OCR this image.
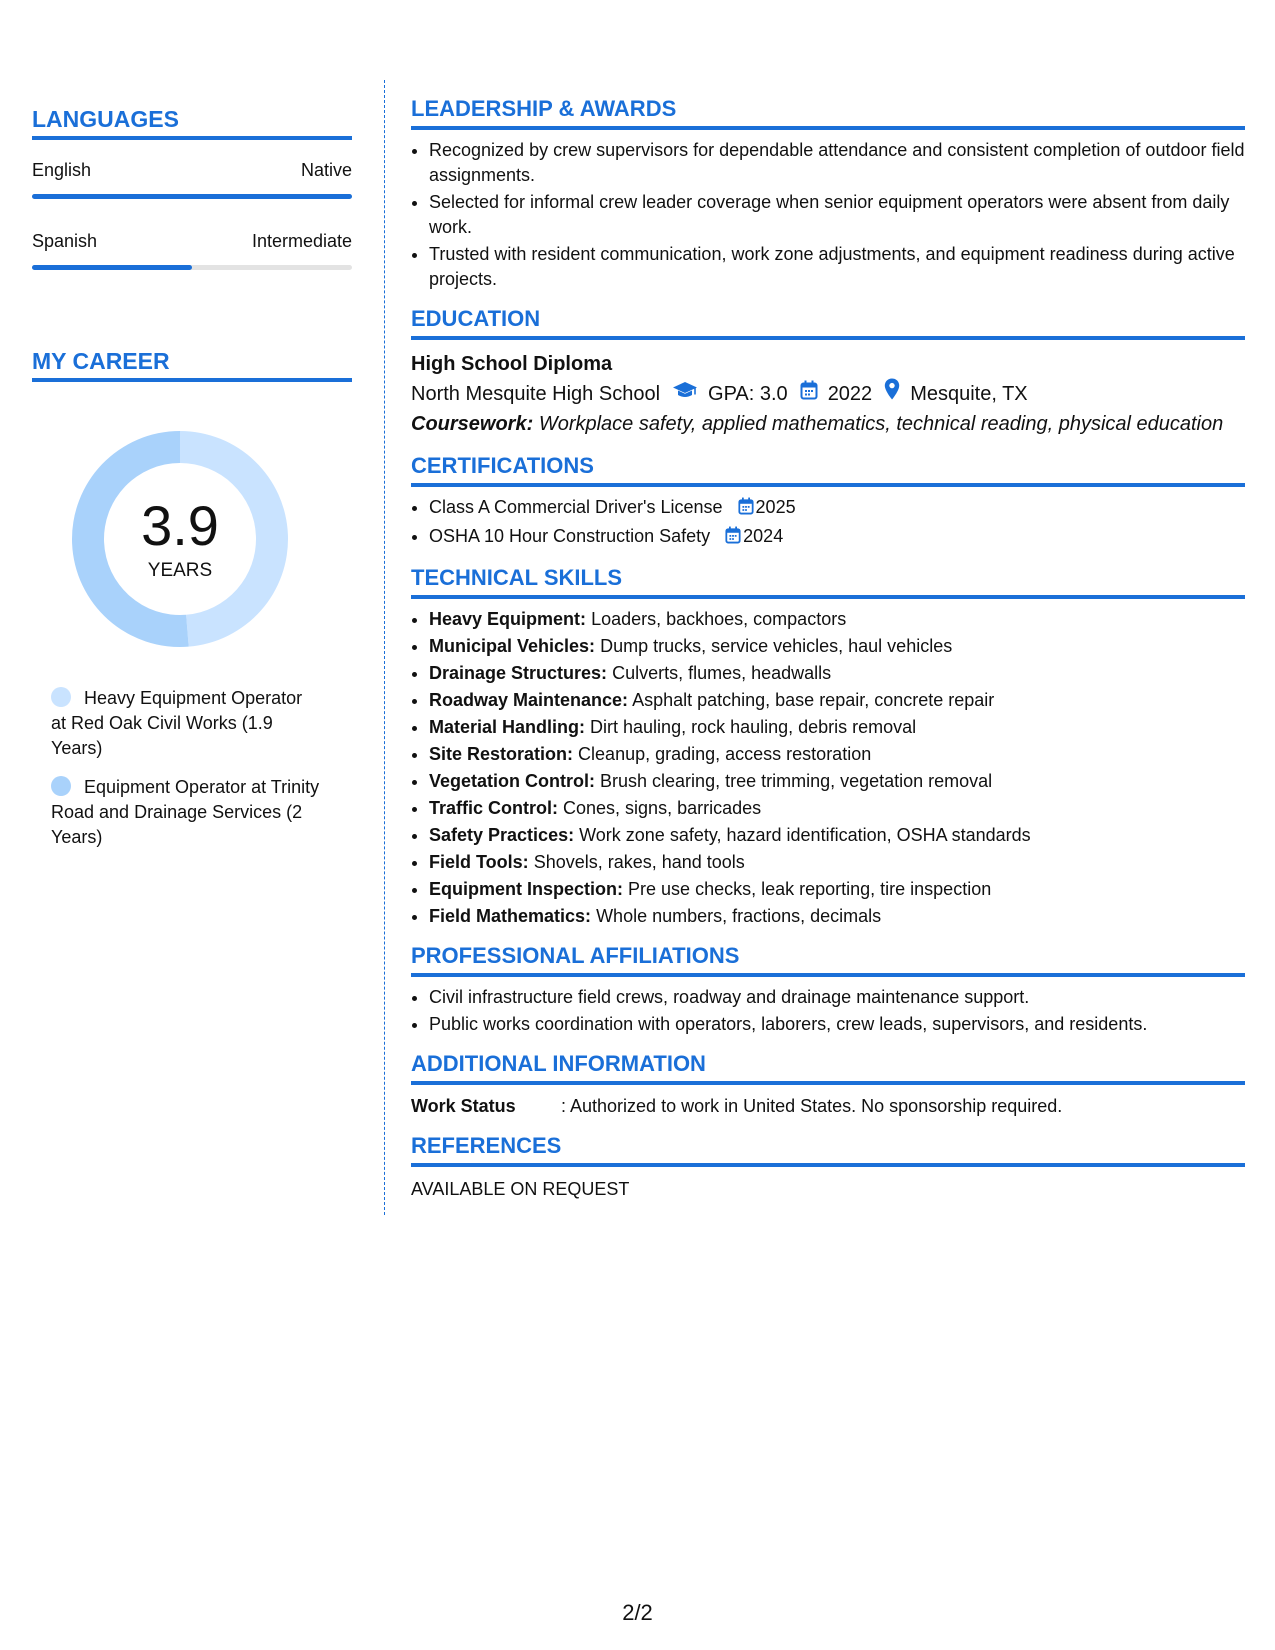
LANGUAGES
English	Native
Spanish	Intermediate
MY CAREER
3.9
YEARS
Heavy Equipment Operator at Red Oak Civil Works (1.9 Years)
Equipment Operator at Trinity Road and Drainage Services (2 Years)
LEADERSHIP & AWARDS
• Recognized by crew supervisors for dependable attendance and consistent completion of outdoor field assignments.
• Selected for informal crew leader coverage when senior equipment operators were absent from daily work.
• Trusted with resident communication, work zone adjustments, and equipment readiness during active projects.
EDUCATION
High School Diploma
North Mesquite High School GPA: 3.0 2022 Mesquite, TX
Coursework: Workplace safety, applied mathematics, technical reading, physical education
CERTIFICATIONS
• Class A Commercial Driver's License 2025
• OSHA 10 Hour Construction Safety 2024
TECHNICAL SKILLS
• Heavy Equipment: Loaders, backhoes, compactors
• Municipal Vehicles: Dump trucks, service vehicles, haul vehicles
• Drainage Structures: Culverts, flumes, headwalls
• Roadway Maintenance: Asphalt patching, base repair, concrete repair
• Material Handling: Dirt hauling, rock hauling, debris removal
• Site Restoration: Cleanup, grading, access restoration
• Vegetation Control: Brush clearing, tree trimming, vegetation removal
• Traffic Control: Cones, signs, barricades
• Safety Practices: Work zone safety, hazard identification, OSHA standards
• Field Tools: Shovels, rakes, hand tools
• Equipment Inspection: Pre use checks, leak reporting, tire inspection
• Field Mathematics: Whole numbers, fractions, decimals
PROFESSIONAL AFFILIATIONS
• Civil infrastructure field crews, roadway and drainage maintenance support.
• Public works coordination with operators, laborers, crew leads, supervisors, and residents.
ADDITIONAL INFORMATION
Work Status	: Authorized to work in United States. No sponsorship required.
REFERENCES
AVAILABLE ON REQUEST
2/2
